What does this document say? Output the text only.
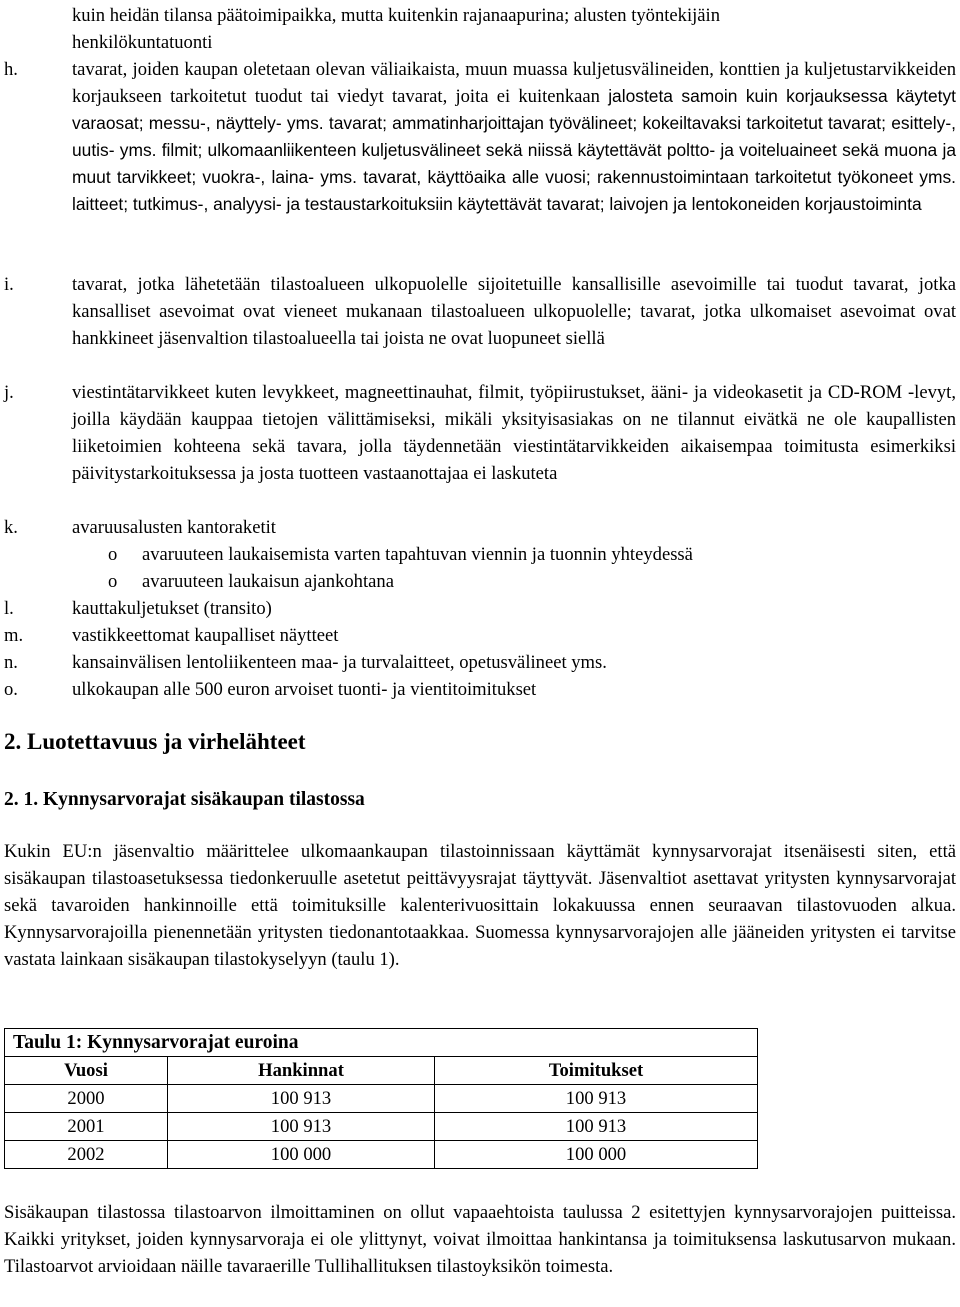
kuin heidän tilansa päätoimipaikka, mutta kuitenkin rajanaapurina; alusten työntekijäin
henkilökuntatuonti
h.	tavarat, joiden kaupan oletetaan olevan väliaikaista, muun muassa kuljetusvälineiden, konttien ja kuljetustarvikkeiden korjaukseen tarkoitetut tuodut tai viedyt tavarat, joita ei kuitenkaan jalosteta samoin kuin korjauksessa käytetyt varaosat; messu-, näyttely- yms. tavarat; ammatinharjoittajan työvälineet; kokeiltavaksi tarkoitetut tavarat; esittely-, uutis- yms. filmit; ulkomaanliikenteen kuljetusvälineet sekä niissä käytettävät poltto- ja voiteluaineet sekä muona ja muut tarvikkeet; vuokra-, laina- yms. tavarat, käyttöaika alle vuosi; rakennustoimintaan tarkoitetut työkoneet yms. laitteet; tutkimus-, analyysi- ja testaustarkoituksiin käytettävät tavarat; laivojen ja lentokoneiden korjaustoiminta
i.	tavarat, jotka lähetetään tilastoalueen ulkopuolelle sijoitetuille kansallisille asevoimille tai tuodut tavarat, jotka kansalliset asevoimat ovat vieneet mukanaan tilastoalueen ulkopuolelle; tavarat, jotka ulkomaiset asevoimat ovat hankkineet jäsenvaltion tilastoalueella tai joista ne ovat luopuneet siellä
j.	viestintätarvikkeet kuten levykkeet, magneettinauhat, filmit, työpiirustukset, ääni- ja videokasetit ja CD-ROM -levyt, joilla käydään kauppaa tietojen välittämiseksi, mikäli yksityisasiakas on ne tilannut eivätkä ne ole kaupallisten liiketoimien kohteena sekä tavara, jolla täydennetään viestintätarvikkeiden aikaisempaa toimitusta esimerkiksi päivitystarkoituksessa ja josta tuotteen vastaanottajaa ei laskuteta
k.	avaruusalusten kantoraketit
o avaruuteen laukaisemista varten tapahtuvan viennin ja tuonnin yhteydessä
o avaruuteen laukaisun ajankohtana
l.	kauttakuljetukset (transito)
m.	vastikkeettomat kaupalliset näytteet
n.	kansainvälisen lentoliikenteen maa- ja turvalaitteet, opetusvälineet yms.
o.	ulkokaupan alle 500 euron arvoiset tuonti- ja vientitoimitukset
2. Luotettavuus ja virhelähteet
2. 1. Kynnysarvorajat sisäkaupan tilastossa
Kukin EU:n jäsenvaltio määrittelee ulkomaankaupan tilastoinnissaan käyttämät kynnysarvorajat itsenäisesti siten, että sisäkaupan tilastoasetuksessa tiedonkeruulle asetetut peittävyysrajat täyttyvät. Jäsenvaltiot asettavat yritysten kynnysarvorajat sekä tavaroiden hankinnoille että toimituksille kalenterivuosittain lokakuussa ennen seuraavan tilastovuoden alkua. Kynnysarvorajoilla pienennetään yritysten tiedonantotaakkaa. Suomessa kynnysarvorajojen alle jääneiden yritysten ei tarvitse vastata lainkaan sisäkaupan tilastokyselyyn (taulu 1).
Taulu 1: Kynnysarvorajat euroina		
Vuosi	Hankinnat	Toimitukset
2000	100 913	100 913
2001	100 913	100 913
2002	100 000	100 000
Sisäkaupan tilastossa tilastoarvon ilmoittaminen on ollut vapaaehtoista taulussa 2 esitettyjen kynnysarvorajojen puitteissa. Kaikki yritykset, joiden kynnysarvoraja ei ole ylittynyt, voivat ilmoittaa hankintansa ja toimituksensa laskutusarvon mukaan. Tilastoarvot arvioidaan näille tavaraerille Tullihallituksen tilastoyksikön toimesta.
